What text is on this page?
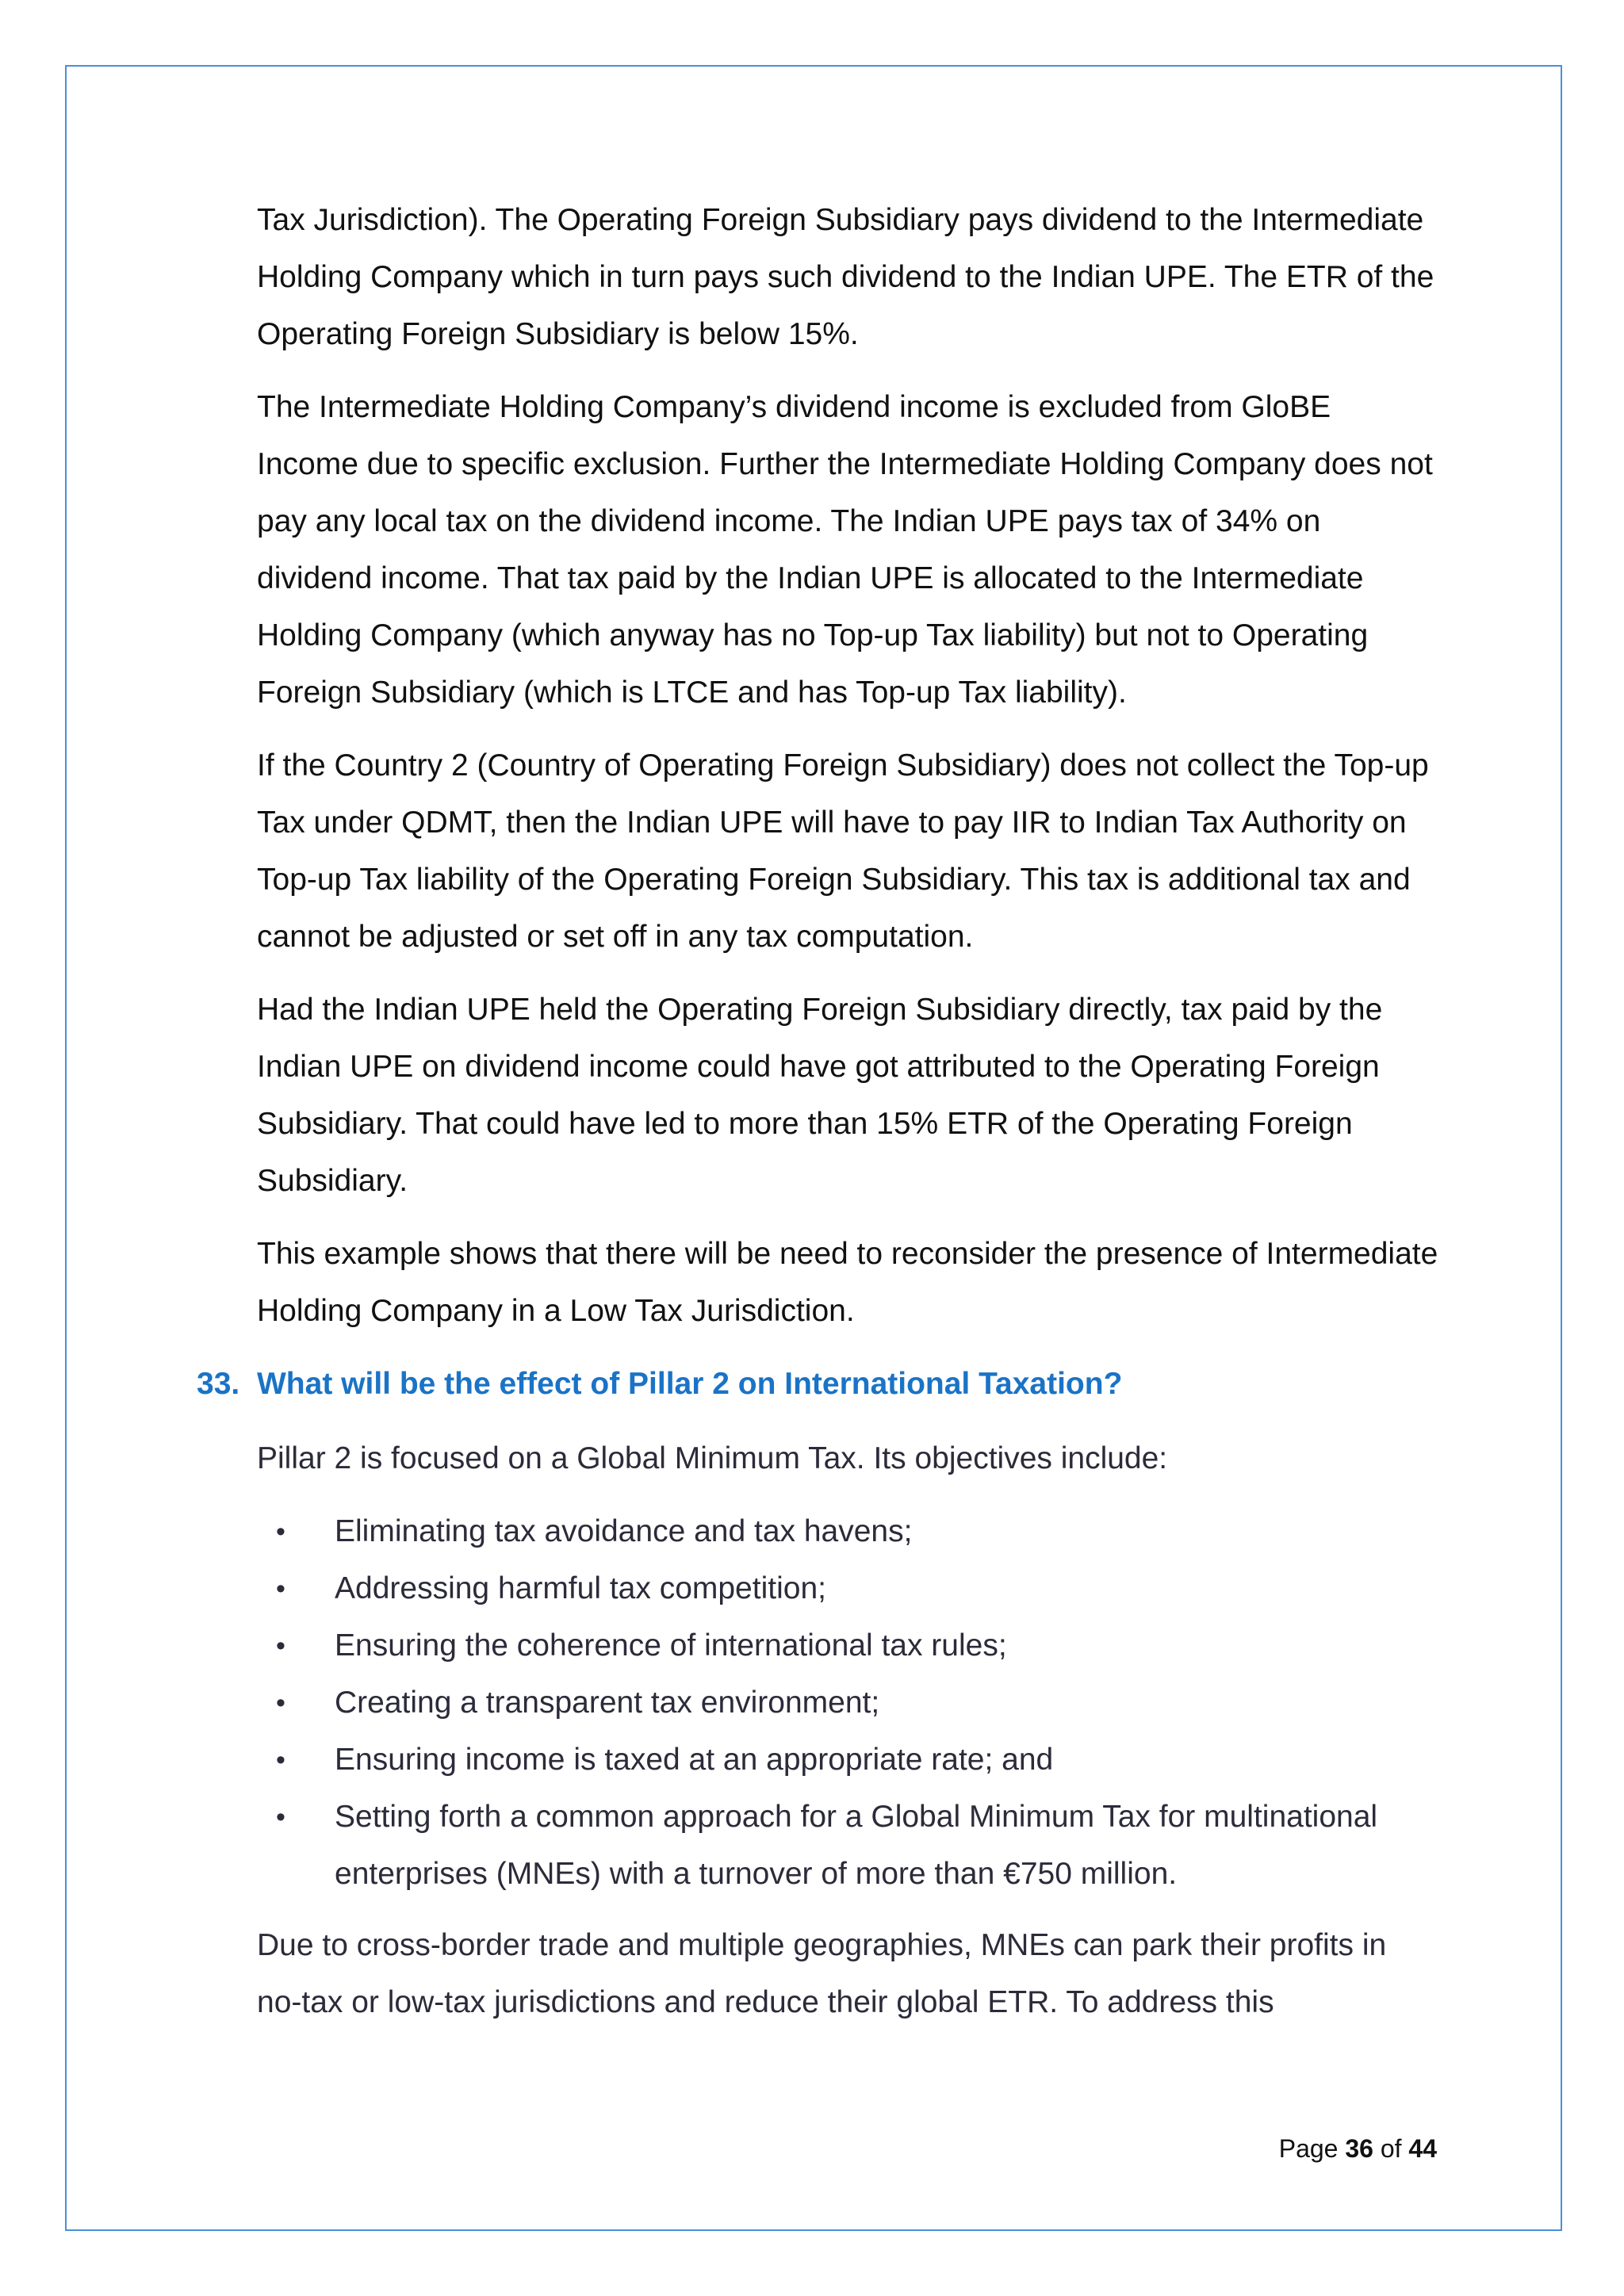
Tax Jurisdiction). The Operating Foreign Subsidiary pays dividend to the Intermediate Holding Company which in turn pays such dividend to the Indian UPE. The ETR of the Operating Foreign Subsidiary is below 15%.

The Intermediate Holding Company’s dividend income is excluded from GloBE Income due to specific exclusion. Further the Intermediate Holding Company does not pay any local tax on the dividend income. The Indian UPE pays tax of 34% on dividend income. That tax paid by the Indian UPE is allocated to the Intermediate Holding Company (which anyway has no Top-up Tax liability) but not to Operating Foreign Subsidiary (which is LTCE and has Top-up Tax liability).

If the Country 2 (Country of Operating Foreign Subsidiary) does not collect the Top-up Tax under QDMT, then the Indian UPE will have to pay IIR to Indian Tax Authority on Top-up Tax liability of the Operating Foreign Subsidiary. This tax is additional tax and cannot be adjusted or set off in any tax computation.

Had the Indian UPE held the Operating Foreign Subsidiary directly, tax paid by the Indian UPE on dividend income could have got attributed to the Operating Foreign Subsidiary. That could have led to more than 15% ETR of the Operating Foreign Subsidiary.

This example shows that there will be need to reconsider the presence of Intermediate Holding Company in a Low Tax Jurisdiction.

33. What will be the effect of Pillar 2 on International Taxation?

Pillar 2 is focused on a Global Minimum Tax. Its objectives include:

• Eliminating tax avoidance and tax havens;
• Addressing harmful tax competition;
• Ensuring the coherence of international tax rules;
• Creating a transparent tax environment;
• Ensuring income is taxed at an appropriate rate; and
• Setting forth a common approach for a Global Minimum Tax for multinational enterprises (MNEs) with a turnover of more than €750 million.

Due to cross-border trade and multiple geographies, MNEs can park their profits in no-tax or low-tax jurisdictions and reduce their global ETR. To address this

Page 36 of 44
